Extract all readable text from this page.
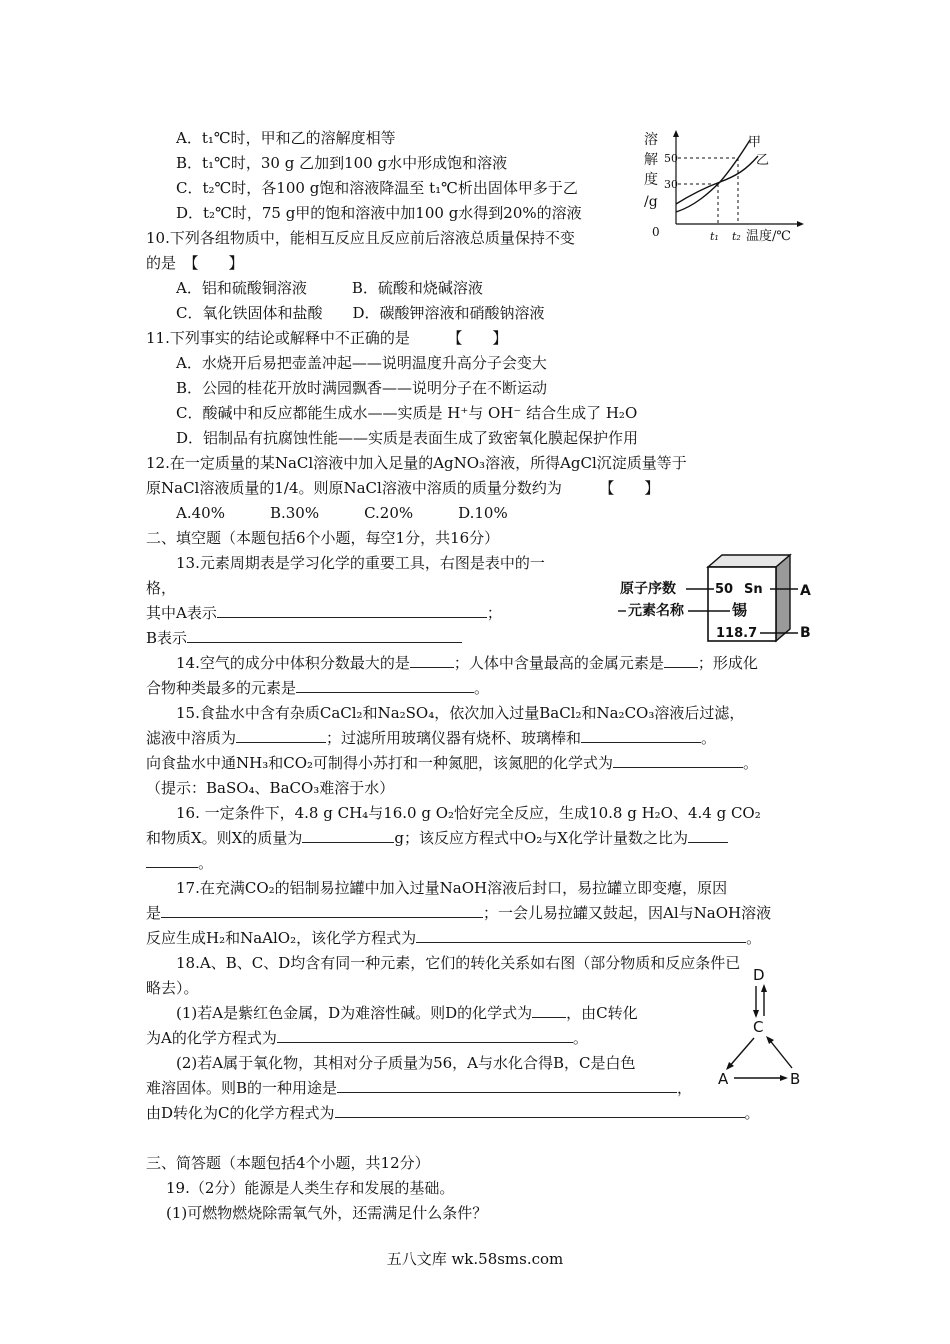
A．t₁℃时，甲和乙的溶解度相等
B．t₁℃时，30 g 乙加到100 g水中形成饱和溶液
C．t₂℃时，各100 g饱和溶液降温至 t₁℃析出固体甲多于乙
D．t₂℃时，75 g甲的饱和溶液中加100 g水得到20%的溶液
溶
解
度
/g
0
50
30
t₁ t₂ 温度/℃
甲
乙
10.下列各组物质中，能相互反应且反应前后溶液总质量保持不变
的是　【　　】
A．铝和硫酸铜溶液　　　B．硫酸和烧碱溶液
C．氧化铁固体和盐酸　　D．碳酸钾溶液和硝酸钠溶液
11.下列事实的结论或解释中不正确的是　　　【　　】
A．水烧开后易把壶盖冲起——说明温度升高分子会变大
B．公园的桂花开放时满园飘香——说明分子在不断运动
C．酸碱中和反应都能生成水——实质是 H⁺与 OH⁻ 结合生成了 H₂O
D．铝制品有抗腐蚀性能——实质是表面生成了致密氧化膜起保护作用
12.在一定质量的某NaCl溶液中加入足量的AgNO₃溶液，所得AgCl沉淀质量等于
原NaCl溶液质量的1/4。则原NaCl溶液中溶质的质量分数约为　　　【　　】
A.40%　　　B.30%　　　C.20%　　　D.10%
二、填空题（本题包括6个小题，每空1分，共16分）
13.元素周期表是学习化学的重要工具，右图是表中的一
格，
其中A表示	；
B表示
原子序数
元素名称
50 Sn
锡
118.7
A
B
14.空气的成分中体积分数最大的是	；人体中含量最高的金属元素是 ；形成化
合物种类最多的元素是	。
15.食盐水中含有杂质CaCl₂和Na₂SO₄，依次加入过量BaCl₂和Na₂CO₃溶液后过滤，
滤液中溶质为	；过滤所用玻璃仪器有烧杯、玻璃棒和	。
向食盐水中通NH₃和CO₂可制得小苏打和一种氮肥，该氮肥的化学式为	。
（提示：BaSO₄、BaCO₃难溶于水）
16. 一定条件下，4.8 g CH₄与16.0 g O₂恰好完全反应，生成10.8 g H₂O、4.4 g CO₂
和物质X。则X的质量为	g；该反应方程式中O₂与X化学计量数之比为
。
17.在充满CO₂的铝制易拉罐中加入过量NaOH溶液后封口，易拉罐立即变瘪，原因
是	；一会儿易拉罐又鼓起，因Al与NaOH溶液
反应生成H₂和NaAlO₂，该化学方程式为	。
18.A、B、C、D均含有同一种元素，它们的转化关系如右图（部分物质和反应条件已
略去）。
(1)若A是紫红色金属，D为难溶性碱。则D的化学式为 ，由C转化
为A的化学方程式为	。
(2)若A属于氧化物，其相对分子质量为56，A与水化合得B，C是白色
难溶固体。则B的一种用途是	，
由D转化为C的化学方程式为	。
D
C
A	B
三、简答题（本题包括4个小题，共12分）
19.（2分）能源是人类生存和发展的基础。
(1)可燃物燃烧除需氧气外，还需满足什么条件？
五八文库 wk.58sms.com
